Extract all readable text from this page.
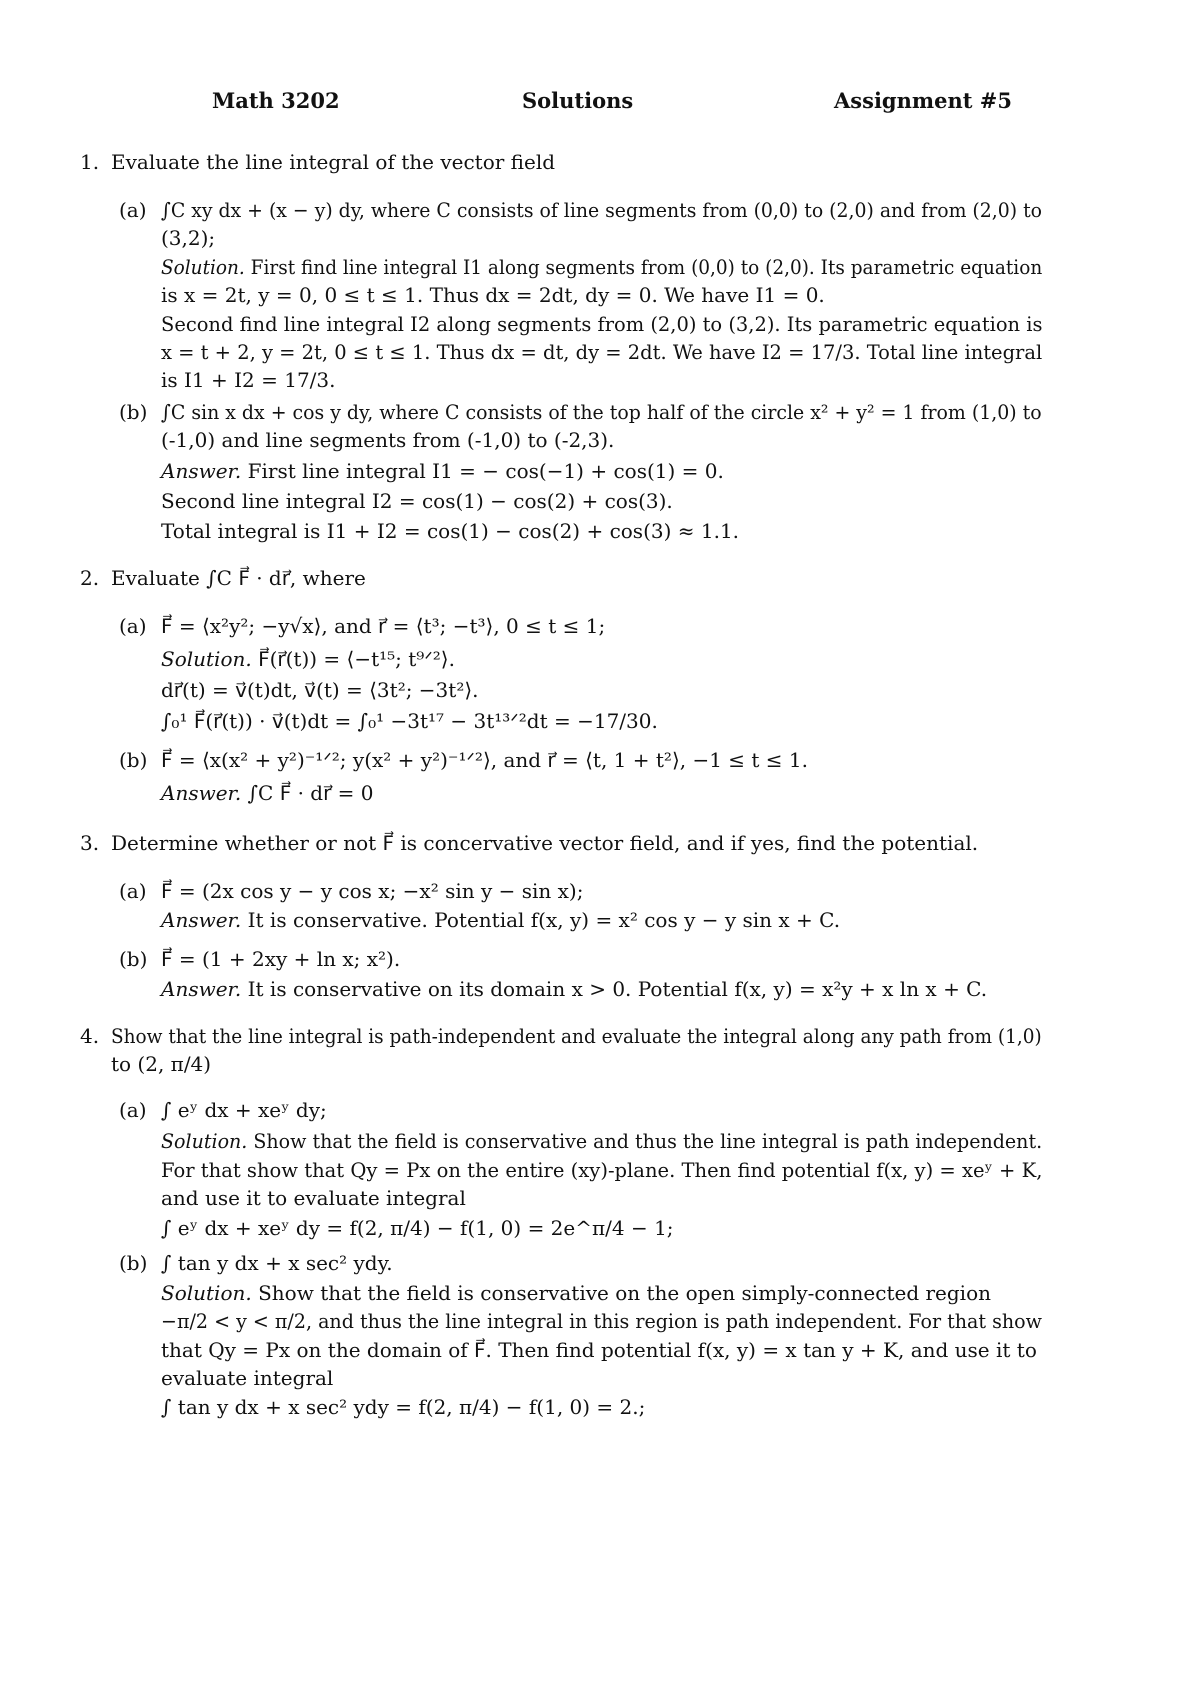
Math 3202	Solutions	Assignment #5
1. Evaluate the line integral of the vector field
(a) ∫C xy dx + (x − y) dy, where C consists of line segments from (0,0) to (2,0) and from (2,0) to
(3,2);
Solution. First find line integral I1 along segments from (0,0) to (2,0). Its parametric equation
is x = 2t, y = 0, 0 ≤ t ≤ 1. Thus dx = 2dt, dy = 0. We have I1 = 0.
Second find line integral I2 along segments from (2,0) to (3,2). Its parametric equation is
x = t + 2, y = 2t, 0 ≤ t ≤ 1. Thus dx = dt, dy = 2dt. We have I2 = 17/3. Total line integral
is I1 + I2 = 17/3.
(b) ∫C sin x dx + cos y dy, where C consists of the top half of the circle x² + y² = 1 from (1,0) to
(-1,0) and line segments from (-1,0) to (-2,3).
Answer. First line integral I1 = − cos(−1) + cos(1) = 0.
Second line integral I2 = cos(1) − cos(2) + cos(3).
Total integral is I1 + I2 = cos(1) − cos(2) + cos(3) ≈ 1.1.
2. Evaluate ∫C F⃗ · dr⃗, where
(a) F⃗ = ⟨x²y²; −y√x⟩, and r⃗ = ⟨t³; −t³⟩, 0 ≤ t ≤ 1;
Solution. F⃗(r⃗(t)) = ⟨−t¹⁵; t⁹ᐟ²⟩.
dr⃗(t) = v⃗(t)dt, v⃗(t) = ⟨3t²; −3t²⟩.
∫₀¹ F⃗(r⃗(t)) · v⃗(t)dt = ∫₀¹ −3t¹⁷ − 3t¹³ᐟ²dt = −17/30.
(b) F⃗ = ⟨x(x² + y²)⁻¹ᐟ²; y(x² + y²)⁻¹ᐟ²⟩, and r⃗ = ⟨t, 1 + t²⟩, −1 ≤ t ≤ 1.
Answer. ∫C F⃗ · dr⃗ = 0
3. Determine whether or not F⃗ is concervative vector field, and if yes, find the potential.
(a) F⃗ = (2x cos y − y cos x; −x² sin y − sin x);
Answer. It is conservative. Potential f(x, y) = x² cos y − y sin x + C.
(b) F⃗ = (1 + 2xy + ln x; x²).
Answer. It is conservative on its domain x > 0. Potential f(x, y) = x²y + x ln x + C.
4. Show that the line integral is path-independent and evaluate the integral along any path from (1,0)
to (2, π/4)
(a) ∫ eʸ dx + xeʸ dy;
Solution. Show that the field is conservative and thus the line integral is path independent.
For that show that Qy = Px on the entire (xy)-plane. Then find potential f(x, y) = xeʸ + K,
and use it to evaluate integral
∫ eʸ dx + xeʸ dy = f(2, π/4) − f(1, 0) = 2e^π/4 − 1;
(b) ∫ tan y dx + x sec² ydy.
Solution. Show that the field is conservative on the open simply-connected region
−π/2 < y < π/2, and thus the line integral in this region is path independent. For that show
that Qy = Px on the domain of F⃗. Then find potential f(x, y) = x tan y + K, and use it to
evaluate integral
∫ tan y dx + x sec² ydy = f(2, π/4) − f(1, 0) = 2.;
